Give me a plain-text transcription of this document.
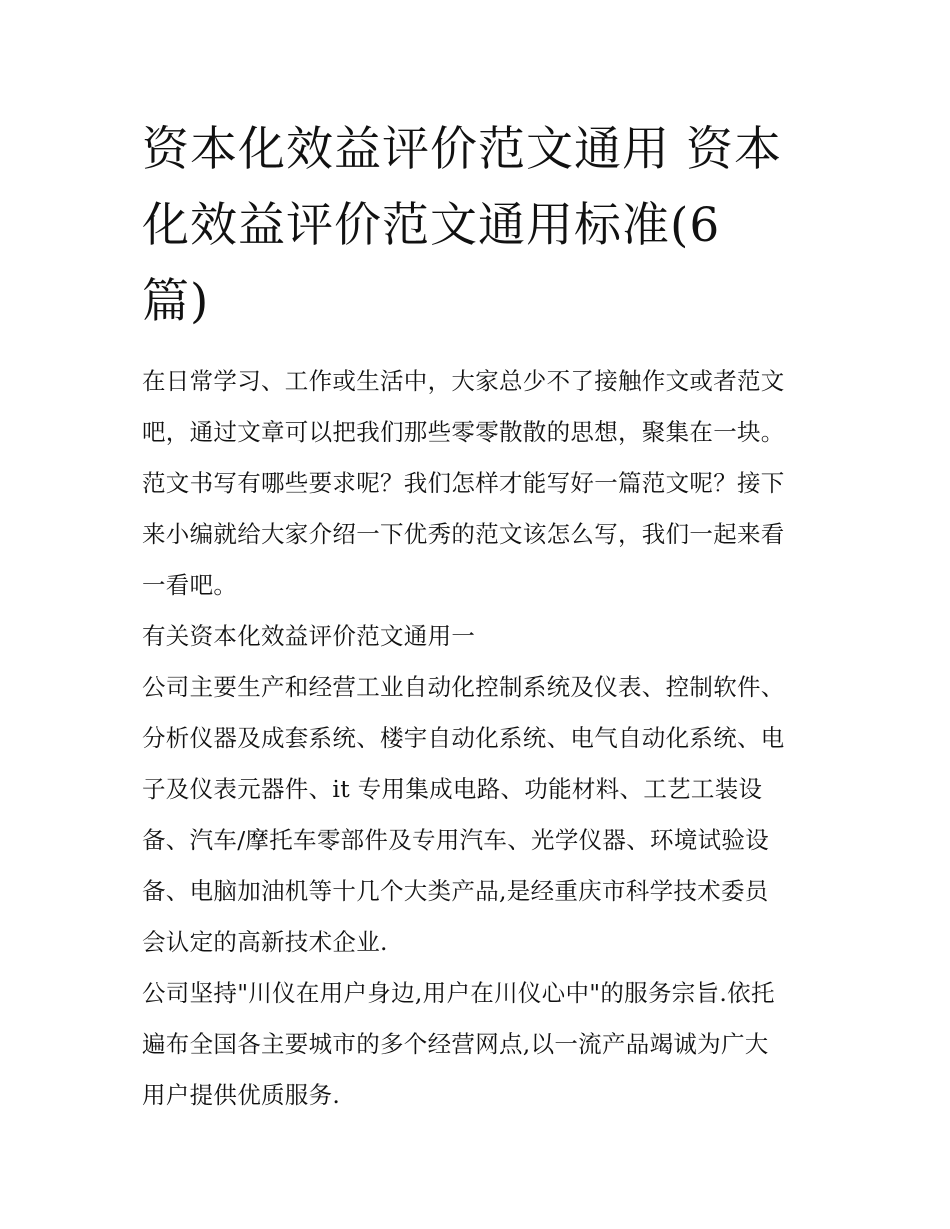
资本化效益评价范文通用 资本
化效益评价范文通用标准(6
篇)
在日常学习、工作或生活中，大家总少不了接触作文或者范文
吧，通过文章可以把我们那些零零散散的思想，聚集在一块。
范文书写有哪些要求呢？我们怎样才能写好一篇范文呢？接下
来小编就给大家介绍一下优秀的范文该怎么写，我们一起来看
一看吧。
有关资本化效益评价范文通用一
公司主要生产和经营工业自动化控制系统及仪表、控制软件、
分析仪器及成套系统、楼宇自动化系统、电气自动化系统、电
子及仪表元器件、it 专用集成电路、功能材料、工艺工装设
备、汽车/摩托车零部件及专用汽车、光学仪器、环境试验设
备、电脑加油机等十几个大类产品,是经重庆市科学技术委员
会认定的高新技术企业.
公司坚持"川仪在用户身边,用户在川仪心中"的服务宗旨.依托
遍布全国各主要城市的多个经营网点,以一流产品竭诚为广大
用户提供优质服务.
